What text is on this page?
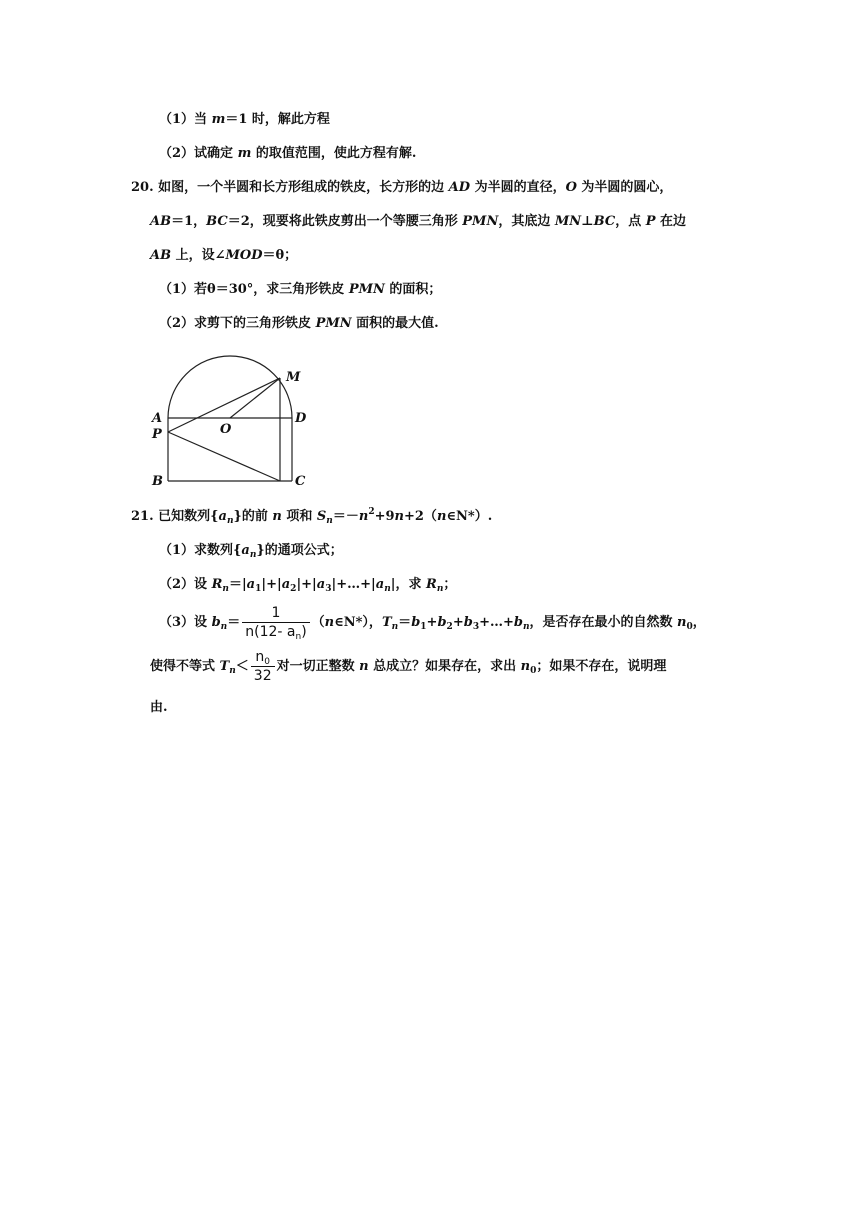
（1）当 m＝1 时，解此方程
（2）试确定 m 的取值范围，使此方程有解.
20. 如图，一个半圆和长方形组成的铁皮，长方形的边 AD 为半圆的直径，O 为半圆的圆心，
AB＝1，BC＝2，现要将此铁皮剪出一个等腰三角形 PMN，其底边 MN⊥BC，点 P 在边
AB 上，设∠MOD＝θ；
（1）若θ＝30°，求三角形铁皮 PMN 的面积；
（2）求剪下的三角形铁皮 PMN 面积的最大值.
A
P
B	C
D
M
O
21. 已知数列$\{a_n\}$的前 n 项和 $S_n=-n^2+9n+2(n\in N*)$.
（1）求数列$\{a_n\}$的通项公式；
（2）设 $R_n=|a_1|+|a_2|+|a_3|+\dots+|a_n|$，求 $R_n$；
（3）设 $b_n= \frac{1}{n(12- a_n)}$ （n∈N*），$T_n=b_1+b_2+b_3+\dots+b_n$，是否存在最小的自然数 $n_0$，
使得不等式 $T_n< \frac{n_0}{32}$ 对一切正整数 n 总成立？如果存在，求出 $n_0$；如果不存在，说明理
由.
